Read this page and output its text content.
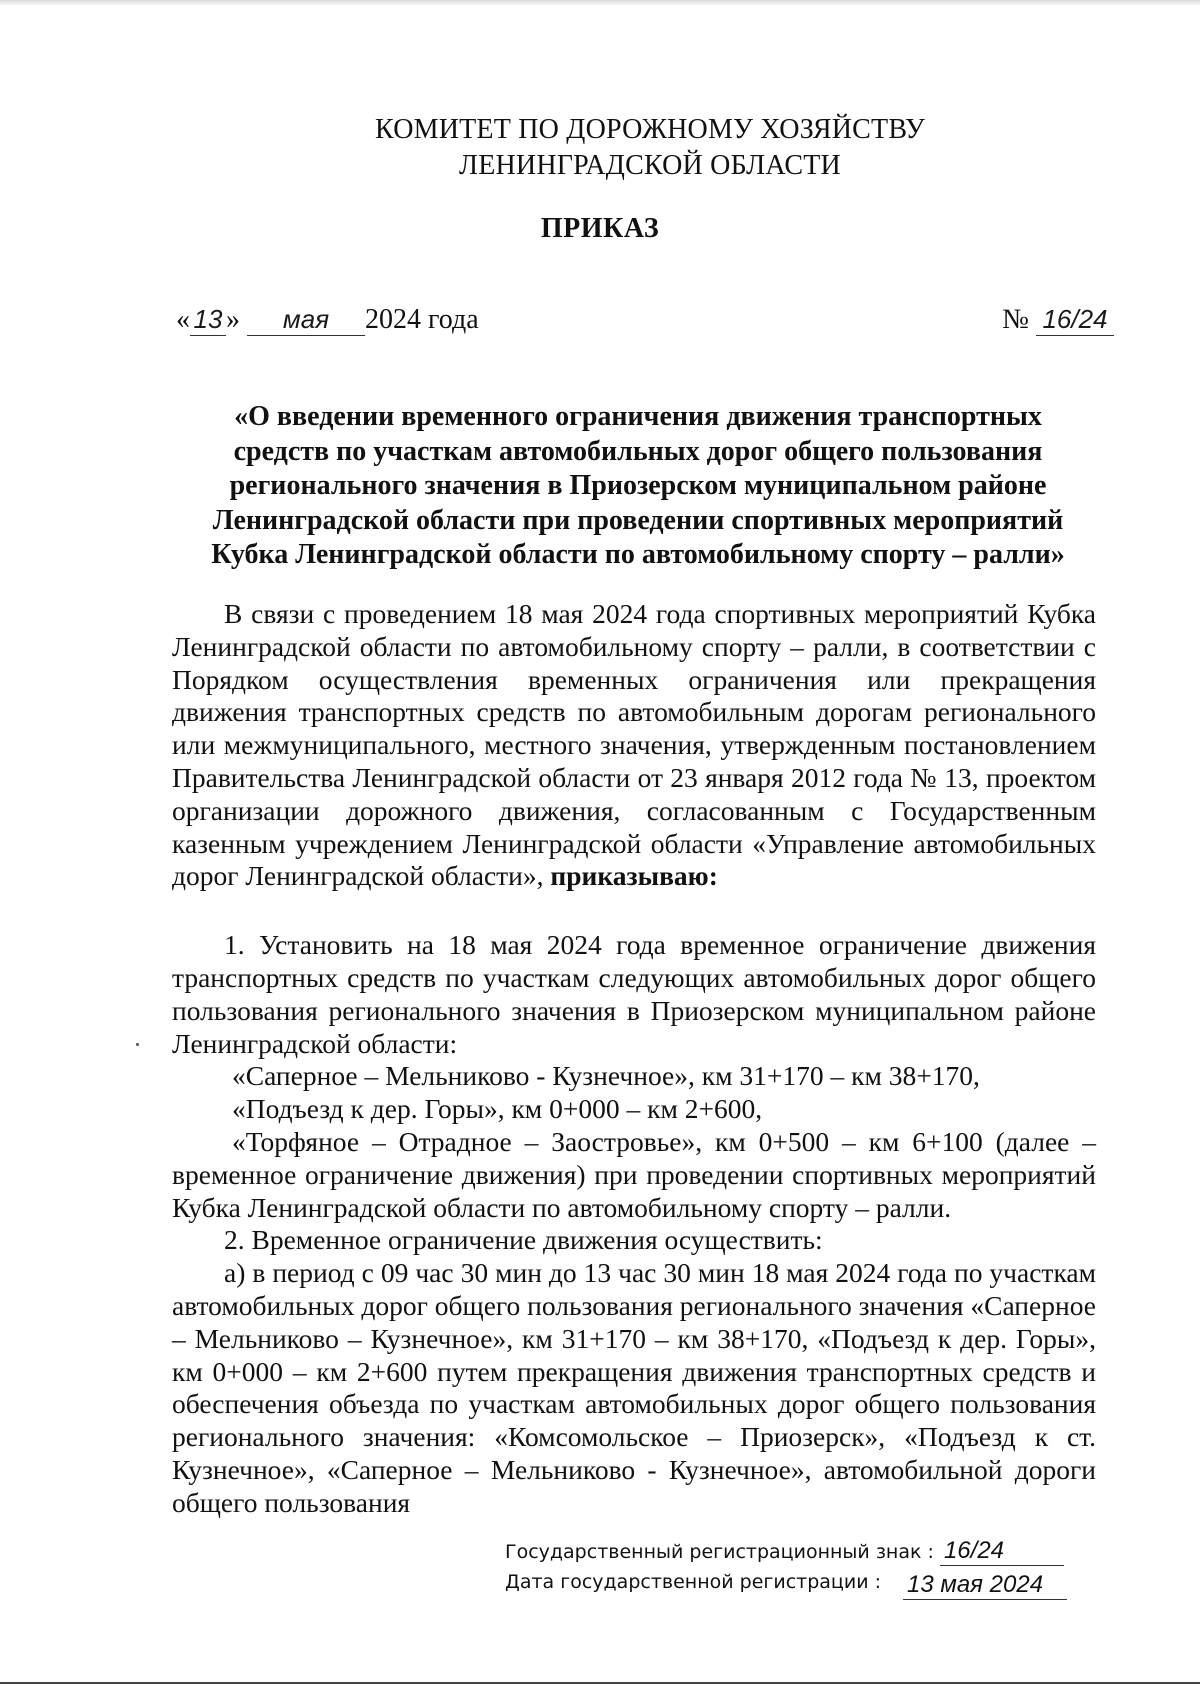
КОМИТЕТ ПО ДОРОЖНОМУ ХОЗЯЙСТВУ
ЛЕНИНГРАДСКОЙ ОБЛАСТИ
ПРИКАЗ
« 13 » мая 2024 года	№ 16/24
«О введении временного ограничения движения транспортных средств по участкам автомобильных дорог общего пользования регионального значения в Приозерском муниципальном районе Ленинградской области при проведении спортивных мероприятий Кубка Ленинградской области по автомобильному спорту – ралли»

В связи с проведением 18 мая 2024 года спортивных мероприятий Кубка Ленинградской области по автомобильному спорту – ралли, в соответствии с Порядком осуществления временных ограничения или прекращения движения транспортных средств по автомобильным дорогам регионального или межмуниципального, местного значения, утвержденным постановлением Правительства Ленинградской области от 23 января 2012 года № 13, проектом организации дорожного движения, согласованным с Государственным казенным учреждением Ленинградской области «Управление автомобильных дорог Ленинградской области», приказываю:

1. Установить на 18 мая 2024 года временное ограничение движения транспортных средств по участкам следующих автомобильных дорог общего пользования регионального значения в Приозерском муниципальном районе Ленинградской области:

«Саперное – Мельниково - Кузнечное», км 31+170 – км 38+170,

«Подъезд к дер. Горы», км 0+000 – км 2+600,

«Торфяное – Отрадное – Заостровье», км 0+500 – км 6+100 (далее – временное ограничение движения) при проведении спортивных мероприятий Кубка Ленинградской области по автомобильному спорту – ралли.

2. Временное ограничение движения осуществить:

а) в период с 09 час 30 мин до 13 час 30 мин 18 мая 2024 года по участкам автомобильных дорог общего пользования регионального значения «Саперное – Мельниково – Кузнечное», км 31+170 – км 38+170, «Подъезд к дер. Горы», км 0+000 – км 2+600 путем прекращения движения транспортных средств и обеспечения объезда по участкам автомобильных дорог общего пользования регионального значения: «Комсомольское – Приозерск», «Подъезд к ст. Кузнечное», «Саперное – Мельниково - Кузнечное», автомобильной дороги общего пользования

Государственный регистрационный знак : 16/24
Дата государственной регистрации : 13 мая 2024
